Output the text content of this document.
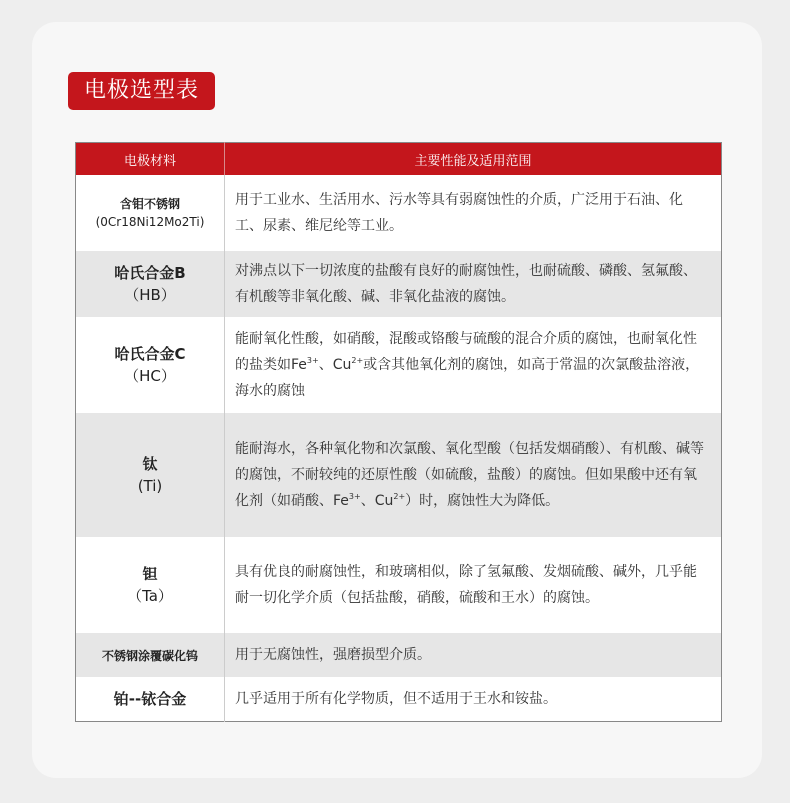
电极选型表
电极材料	主要性能及适用范围

含钼不锈钢
(0Cr18Ni12Mo2Ti)	用于工业水、生活用水、污水等具有弱腐蚀性的介质，广泛用于石油、化工、尿素、维尼纶等工业。

哈氏合金B
（HB）	对沸点以下一切浓度的盐酸有良好的耐腐蚀性，也耐硫酸、磷酸、氢氟酸、有机酸等非氧化酸、碱、非氧化盐液的腐蚀。

哈氏合金C
（HC）	能耐氧化性酸，如硝酸，混酸或铬酸与硫酸的混合介质的腐蚀，也耐氧化性的盐类如$Fe^{3+}$、$Cu^{2+}$或含其他氧化剂的腐蚀，如高于常温的次氯酸盐溶液，海水的腐蚀

钛
(Ti)	能耐海水，各种氧化物和次氯酸、氧化型酸（包括发烟硝酸）、有机酸、碱等的腐蚀，不耐较纯的还原性酸（如硫酸，盐酸）的腐蚀。但如果酸中还有氧化剂（如硝酸、$Fe^{3+}$、$Cu^{2+}$）时，腐蚀性大为降低。

钽
（Ta）	具有优良的耐腐蚀性，和玻璃相似，除了氢氟酸、发烟硫酸、碱外，几乎能耐一切化学介质（包括盐酸，硝酸，硫酸和王水）的腐蚀。

不锈钢涂覆碳化钨	用于无腐蚀性，强磨损型介质。

铂--铱合金	几乎适用于所有化学物质，但不适用于王水和铵盐。
